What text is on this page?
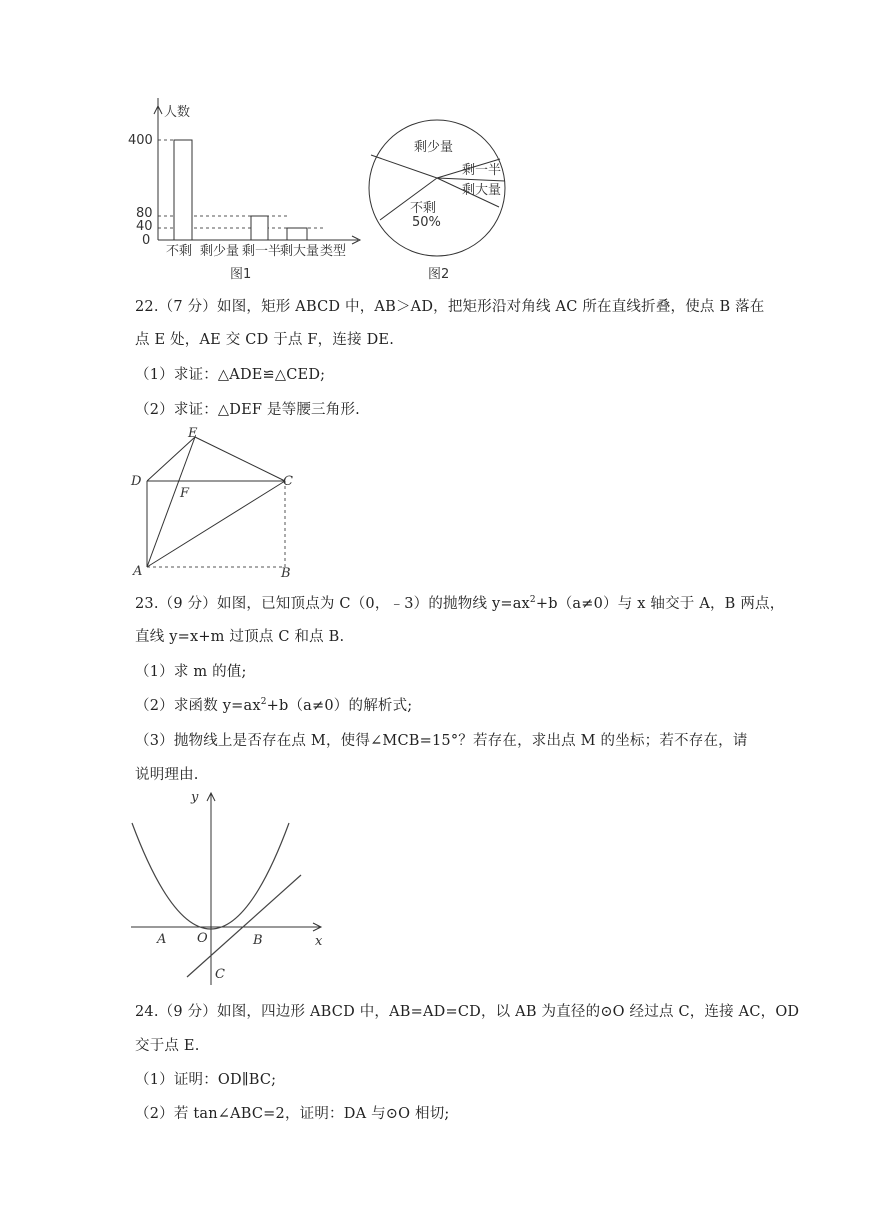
人数
400
80
40
0
不剩 剩少量 剩一半
剩大量 类型
图1
剩少量
剩一半
剩大量
不剩
50%
图2
22.（7 分）如图，矩形 ABCD 中，AB＞AD，把矩形沿对角线 AC 所在直线折叠，使点 B 落在
点 E 处，AE 交 CD 于点 F，连接 DE.
（1）求证：△ADE≌△CED;
（2）求证：△DEF 是等腰三角形.
E
D	C
F
A	B
23.（9 分）如图，已知顶点为 C（0，﹣3）的抛物线 $y=ax^2+b(a\ne 0)$与 x 轴交于 A，B 两点，
直线 y=x+m 过顶点 C 和点 B.
（1）求 m 的值;
（2）求函数 $y=ax^2+b(a\ne 0)$的解析式;
（3）抛物线上是否存在点 M，使得∠MCB=15°？若存在，求出点 M 的坐标；若不存在，请
说明理由.
y
x
A O	B
C
24.（9 分）如图，四边形 ABCD 中，AB=AD=CD，以 AB 为直径的⊙O 经过点 C，连接 AC，OD
交于点 E.
（1）证明：OD∥BC;
（2）若 tan∠ABC=2，证明：DA 与⊙O 相切;
